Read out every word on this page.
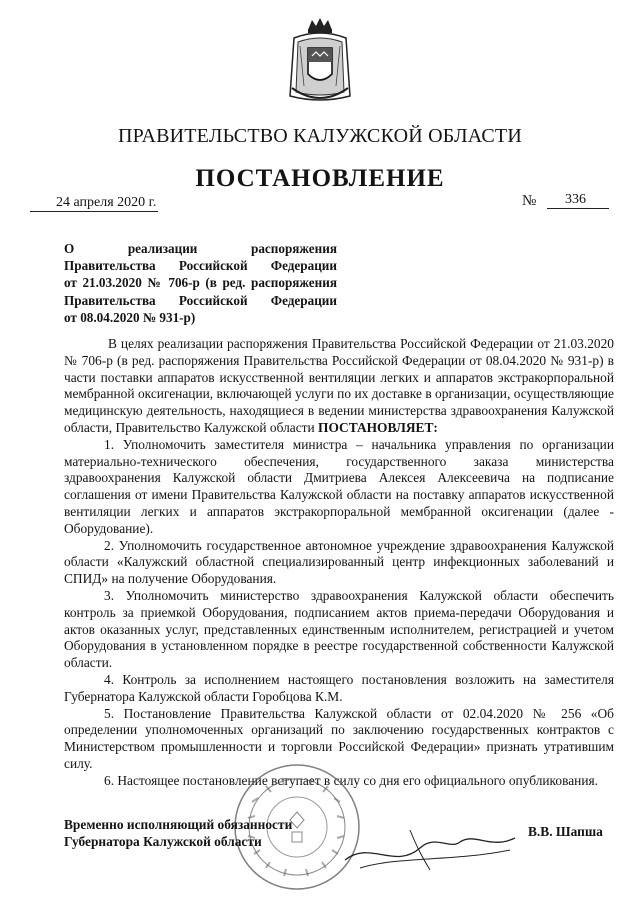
ПРАВИТЕЛЬСТВО КАЛУЖСКОЙ ОБЛАСТИ
ПОСТАНОВЛЕНИЕ
24 апреля 2020 г.	№	336
О реализации распоряжения
Правительства Российской Федерации
от 21.03.2020 № 706-р (в ред. распоряжения
Правительства Российской Федерации
от 08.04.2020 № 931-р)

В целях реализации распоряжения Правительства Российской Федерации от 21.03.2020 № 706-р (в ред. распоряжения Правительства Российской Федерации от 08.04.2020 № 931-р) в части поставки аппаратов искусственной вентиляции легких и аппаратов экстракорпоральной мембранной оксигенации, включающей услуги по их доставке в организации, осуществляющие медицинскую деятельность, находящиеся в ведении министерства здравоохранения Калужской области, Правительство Калужской области ПОСТАНОВЛЯЕТ:

1. Уполномочить заместителя министра – начальника управления по организации материально-технического обеспечения, государственного заказа министерства здравоохранения Калужской области Дмитриева Алексея Алексеевича на подписание соглашения от имени Правительства Калужской области на поставку аппаратов искусственной вентиляции легких и аппаратов экстракорпоральной мембранной оксигенации (далее - Оборудование).

2. Уполномочить государственное автономное учреждение здравоохранения Калужской области «Калужский областной специализированный центр инфекционных заболеваний и СПИД» на получение Оборудования.

3. Уполномочить министерство здравоохранения Калужской области обеспечить контроль за приемкой Оборудования, подписанием актов приема-передачи Оборудования и актов оказанных услуг, представленных единственным исполнителем, регистрацией и учетом Оборудования в установленном порядке в реестре государственной собственности Калужской области.

4. Контроль за исполнением настоящего постановления возложить на заместителя Губернатора Калужской области Горобцова К.М.

5. Постановление Правительства Калужской области от 02.04.2020 № 256 «Об определении уполномоченных организаций по заключению государственных контрактов с Министерством промышленности и торговли Российской Федерации» признать утратившим силу.

6. Настоящее постановление вступает в силу со дня его официального опубликования.

Временно исполняющий обязанности
Губернатора Калужской области
В.В. Шапша
